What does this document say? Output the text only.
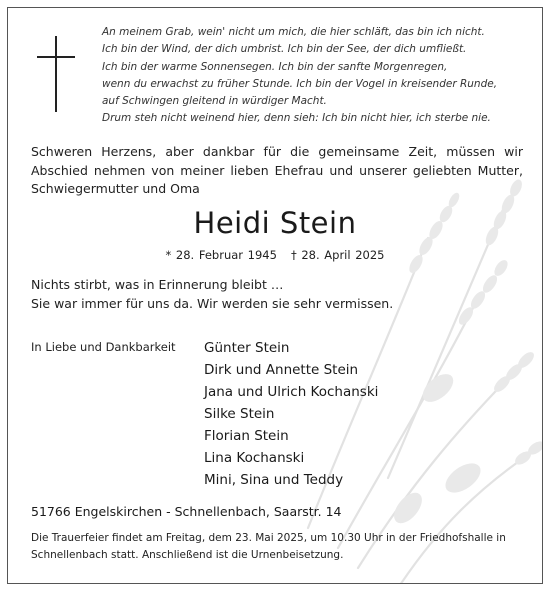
An meinem Grab, wein' nicht um mich, die hier schläft, das bin ich nicht.
Ich bin der Wind, der dich umbrist. Ich bin der See, der dich umfließt.
Ich bin der warme Sonnensegen. Ich bin der sanfte Morgenregen,
wenn du erwachst zu früher Stunde. Ich bin der Vogel in kreisender Runde,
auf Schwingen gleitend in würdiger Macht.
Drum steh nicht weinend hier, denn sieh: Ich bin nicht hier, ich sterbe nie.
Schweren Herzens, aber dankbar für die gemeinsame Zeit, müssen wir Abschied nehmen von meiner lieben Ehefrau und unserer geliebten Mutter, Schwiegermutter und Oma
Heidi Stein
* 28. Februar 1945 † 28. April 2025
Nichts stirbt, was in Erinnerung bleibt …
Sie war immer für uns da. Wir werden sie sehr vermissen.
In Liebe und Dankbarkeit Günter Stein
Dirk und Annette Stein
Jana und Ulrich Kochanski
Silke Stein
Florian Stein
Lina Kochanski
Mini, Sina und Teddy
51766 Engelskirchen - Schnellenbach, Saarstr. 14
Die Trauerfeier findet am Freitag, dem 23. Mai 2025, um 10.30 Uhr in der Friedhofshalle in Schnellenbach statt. Anschließend ist die Urnenbeisetzung.
